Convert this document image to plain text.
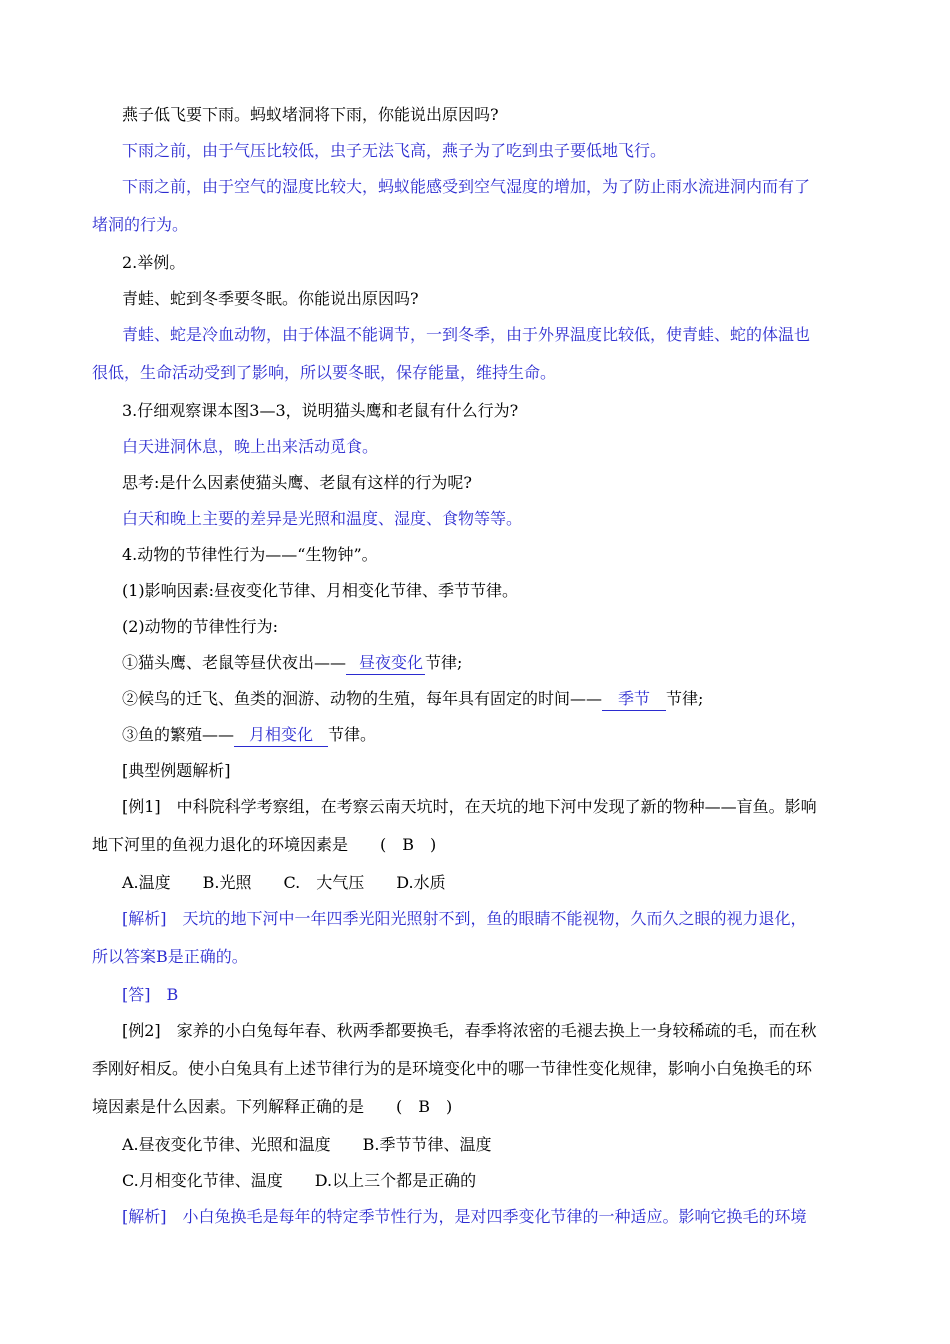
燕子低飞要下雨。蚂蚁堵洞将下雨，你能说出原因吗?
下雨之前，由于气压比较低，虫子无法飞高，燕子为了吃到虫子要低地飞行。
下雨之前，由于空气的湿度比较大，蚂蚁能感受到空气湿度的增加，为了防止雨水流进洞内而有了
堵洞的行为。
2.举例。
青蛙、蛇到冬季要冬眠。你能说出原因吗?
青蛙、蛇是冷血动物，由于体温不能调节，一到冬季，由于外界温度比较低，使青蛙、蛇的体温也
很低，生命活动受到了影响，所以要冬眠，保存能量，维持生命。
3.仔细观察课本图3—3，说明猫头鹰和老鼠有什么行为?
白天进洞休息，晚上出来活动觅食。
思考:是什么因素使猫头鹰、老鼠有这样的行为呢?
白天和晚上主要的差异是光照和温度、湿度、食物等等。
4.动物的节律性行为——“生物钟”。
(1)影响因素:昼夜变化节律、月相变化节律、季节节律。
(2)动物的节律性行为:
①猫头鹰、老鼠等昼伏夜出—— 昼夜变化 节律;
②候鸟的迁飞、鱼类的洄游、动物的生殖，每年具有固定的时间—— 季节 节律;
③鱼的繁殖—— 月相变化 节律。
[典型例题解析]
[例1]　中科院科学考察组，在考察云南天坑时，在天坑的地下河中发现了新的物种——盲鱼。影响
地下河里的鱼视力退化的环境因素是　　(　B　)
A.温度　　B.光照　　C.　大气压　　D.水质
[解析]　天坑的地下河中一年四季光阳光照射不到，鱼的眼睛不能视物，久而久之眼的视力退化，
所以答案B是正确的。
[答]　B
[例2]　家养的小白兔每年春、秋两季都要换毛，春季将浓密的毛褪去换上一身较稀疏的毛，而在秋
季刚好相反。使小白兔具有上述节律行为的是环境变化中的哪一节律性变化规律，影响小白兔换毛的环
境因素是什么因素。下列解释正确的是　　(　B　)
A.昼夜变化节律、光照和温度　　B.季节节律、温度
C.月相变化节律、温度　　D.以上三个都是正确的
[解析]　小白兔换毛是每年的特定季节性行为，是对四季变化节律的一种适应。影响它换毛的环境
